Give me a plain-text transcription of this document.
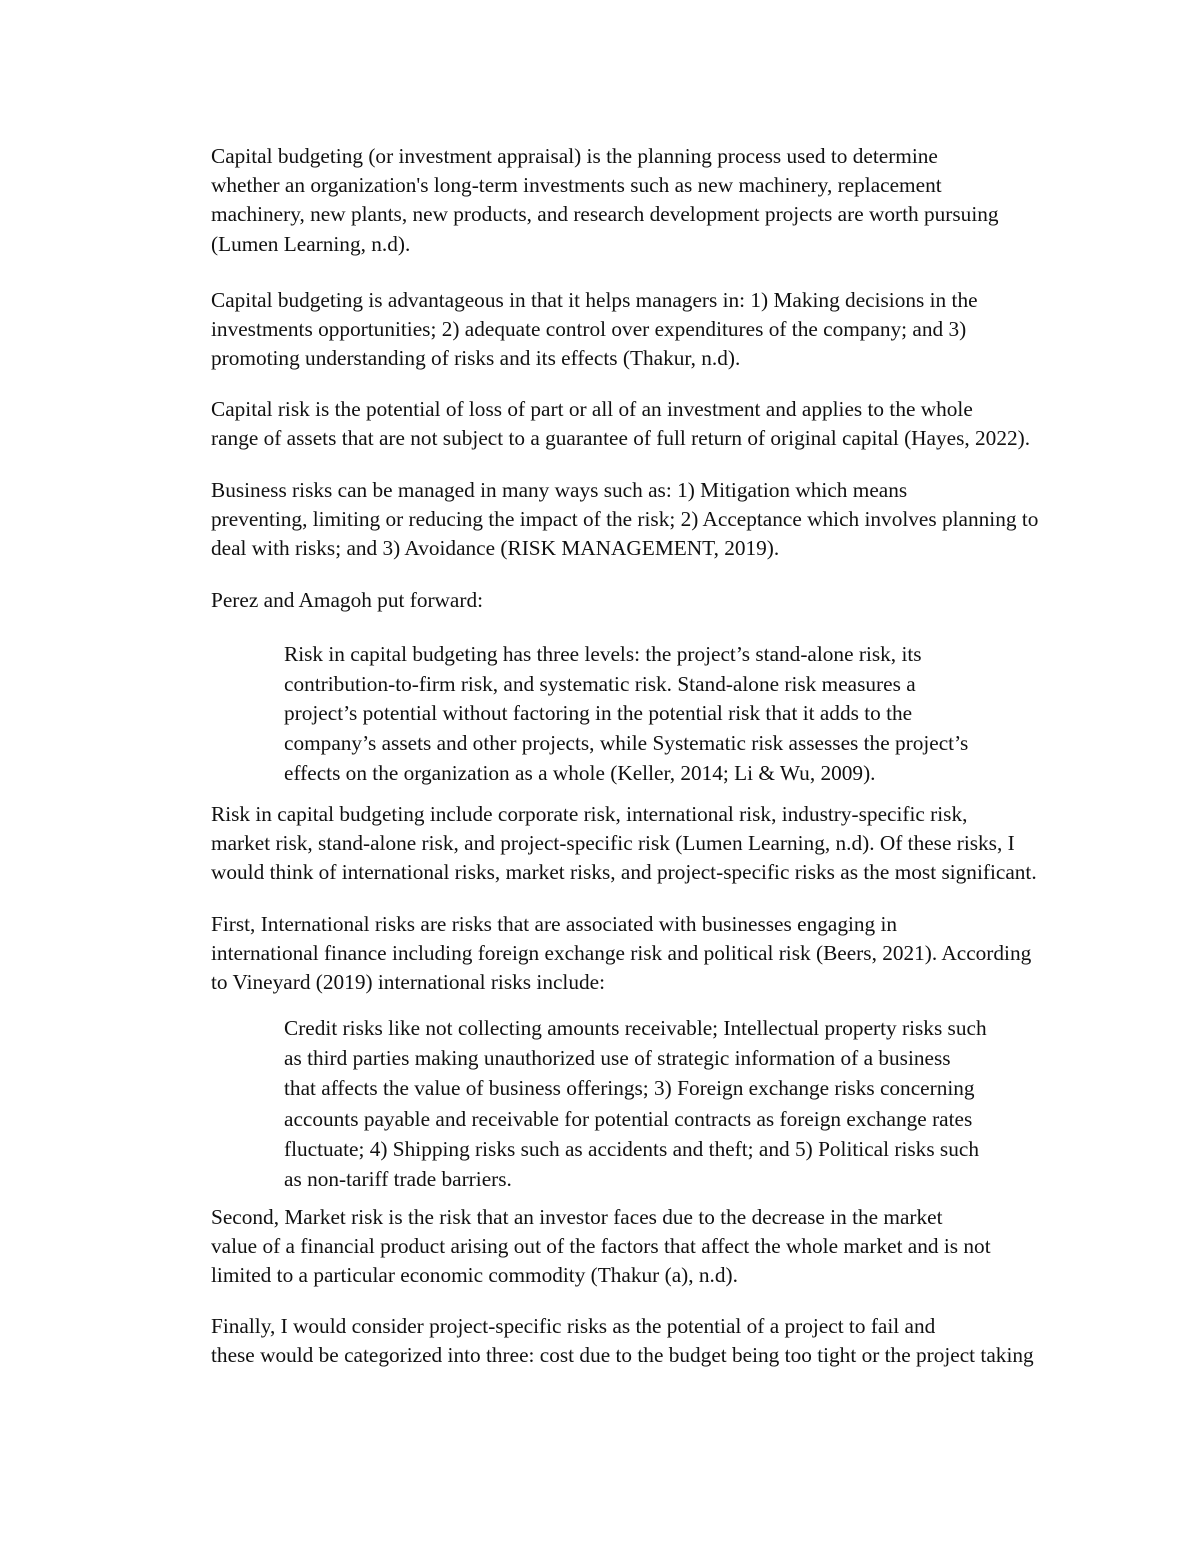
Capital budgeting (or investment appraisal) is the planning process used to determine
whether an organization's long-term investments such as new machinery, replacement
machinery, new plants, new products, and research development projects are worth pursuing
(Lumen Learning, n.d).

Capital budgeting is advantageous in that it helps managers in: 1) Making decisions in the
investments opportunities; 2) adequate control over expenditures of the company; and 3)
promoting understanding of risks and its effects (Thakur, n.d).

Capital risk is the potential of loss of part or all of an investment and applies to the whole
range of assets that are not subject to a guarantee of full return of original capital (Hayes, 2022).

Business risks can be managed in many ways such as: 1) Mitigation which means
preventing, limiting or reducing the impact of the risk; 2) Acceptance which involves planning to
deal with risks; and 3) Avoidance (RISK MANAGEMENT, 2019).

Perez and Amagoh put forward:

Risk in capital budgeting has three levels: the project’s stand-alone risk, its
contribution-to-firm risk, and systematic risk. Stand-alone risk measures a
project’s potential without factoring in the potential risk that it adds to the
company’s assets and other projects, while Systematic risk assesses the project’s
effects on the organization as a whole (Keller, 2014; Li & Wu, 2009).

Risk in capital budgeting include corporate risk, international risk, industry-specific risk,
market risk, stand-alone risk, and project-specific risk (Lumen Learning, n.d). Of these risks, I
would think of international risks, market risks, and project-specific risks as the most significant.

First, International risks are risks that are associated with businesses engaging in
international finance including foreign exchange risk and political risk (Beers, 2021). According
to Vineyard (2019) international risks include:

Credit risks like not collecting amounts receivable; Intellectual property risks such
as third parties making unauthorized use of strategic information of a business
that affects the value of business offerings; 3) Foreign exchange risks concerning
accounts payable and receivable for potential contracts as foreign exchange rates
fluctuate; 4) Shipping risks such as accidents and theft; and 5) Political risks such
as non-tariff trade barriers.

Second, Market risk is the risk that an investor faces due to the decrease in the market
value of a financial product arising out of the factors that affect the whole market and is not
limited to a particular economic commodity (Thakur (a), n.d).

Finally, I would consider project-specific risks as the potential of a project to fail and
these would be categorized into three: cost due to the budget being too tight or the project taking
